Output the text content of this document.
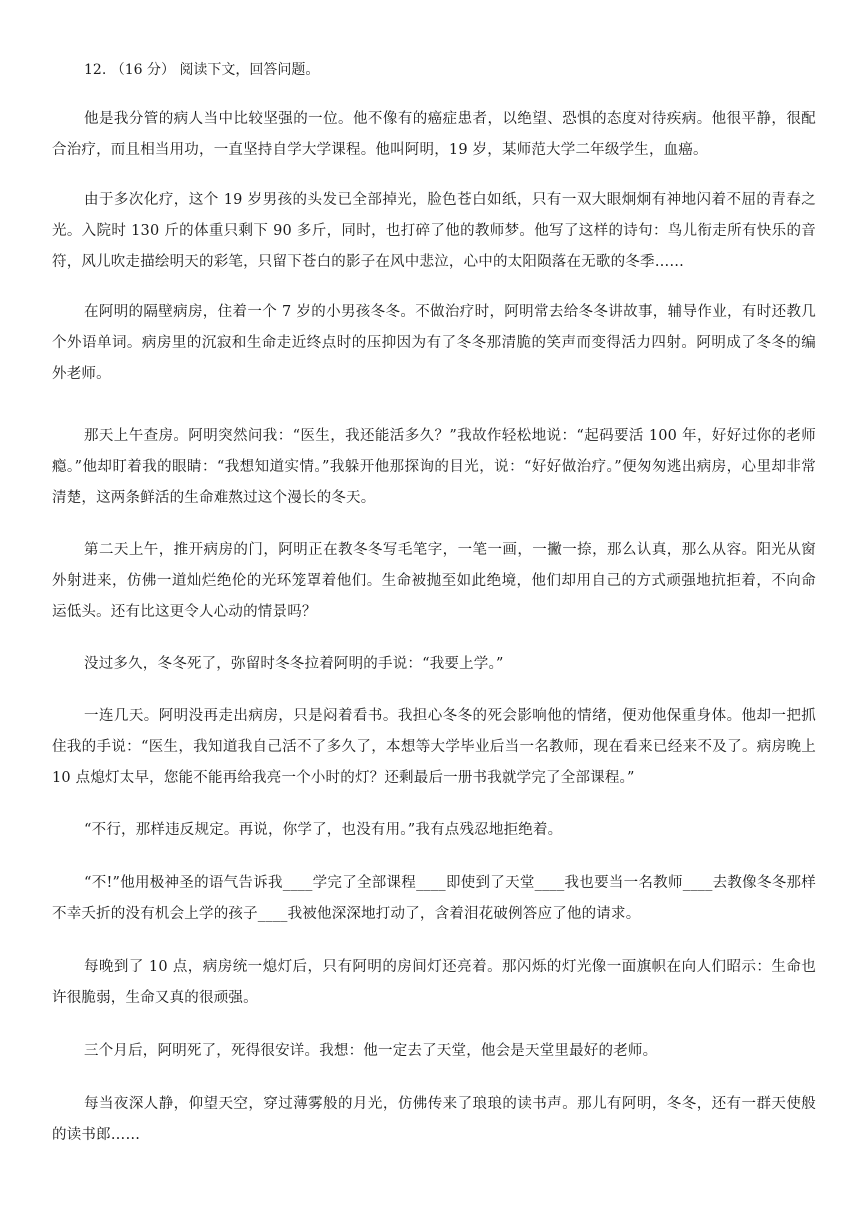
12. （16 分） 阅读下文，回答问题。

他是我分管的病人当中比较坚强的一位。他不像有的癌症患者，以绝望、恐惧的态度对待疾病。他很平静，很配合治疗，而且相当用功，一直坚持自学大学课程。他叫阿明，19 岁，某师范大学二年级学生，血癌。

由于多次化疗，这个 19 岁男孩的头发已全部掉光，脸色苍白如纸，只有一双大眼炯炯有神地闪着不屈的青春之光。入院时 130 斤的体重只剩下 90 多斤，同时，也打碎了他的教师梦。他写了这样的诗句：鸟儿衔走所有快乐的音符，风儿吹走描绘明天的彩笔，只留下苍白的影子在风中悲泣，心中的太阳陨落在无歌的冬季……

在阿明的隔壁病房，住着一个 7 岁的小男孩冬冬。不做治疗时，阿明常去给冬冬讲故事，辅导作业，有时还教几个外语单词。病房里的沉寂和生命走近终点时的压抑因为有了冬冬那清脆的笑声而变得活力四射。阿明成了冬冬的编外老师。

那天上午查房。阿明突然问我：“医生，我还能活多久？”我故作轻松地说：“起码要活 100 年，好好过你的老师瘾。”他却盯着我的眼睛：“我想知道实情。”我躲开他那探询的目光，说：“好好做治疗。”便匆匆逃出病房，心里却非常清楚，这两条鲜活的生命难熬过这个漫长的冬天。

第二天上午，推开病房的门，阿明正在教冬冬写毛笔字，一笔一画，一撇一捺，那么认真，那么从容。阳光从窗外射进来，仿佛一道灿烂绝伦的光环笼罩着他们。生命被抛至如此绝境，他们却用自己的方式顽强地抗拒着，不向命运低头。还有比这更令人心动的情景吗？

没过多久，冬冬死了，弥留时冬冬拉着阿明的手说：“我要上学。”

一连几天。阿明没再走出病房，只是闷着看书。我担心冬冬的死会影响他的情绪，便劝他保重身体。他却一把抓住我的手说：“医生，我知道我自己活不了多久了，本想等大学毕业后当一名教师，现在看来已经来不及了。病房晚上 10 点熄灯太早，您能不能再给我亮一个小时的灯？还剩最后一册书我就学完了全部课程。”

“不行，那样违反规定。再说，你学了，也没有用。”我有点残忍地拒绝着。

“不!”他用极神圣的语气告诉我____学完了全部课程____即使到了天堂____我也要当一名教师____去教像冬冬那样不幸夭折的没有机会上学的孩子____我被他深深地打动了，含着泪花破例答应了他的请求。

每晚到了 10 点，病房统一熄灯后，只有阿明的房间灯还亮着。那闪烁的灯光像一面旗帜在向人们昭示：生命也许很脆弱，生命又真的很顽强。

三个月后，阿明死了，死得很安详。我想：他一定去了天堂，他会是天堂里最好的老师。

每当夜深人静，仰望天空，穿过薄雾般的月光，仿佛传来了琅琅的读书声。那儿有阿明，冬冬，还有一群天使般的读书郎……
